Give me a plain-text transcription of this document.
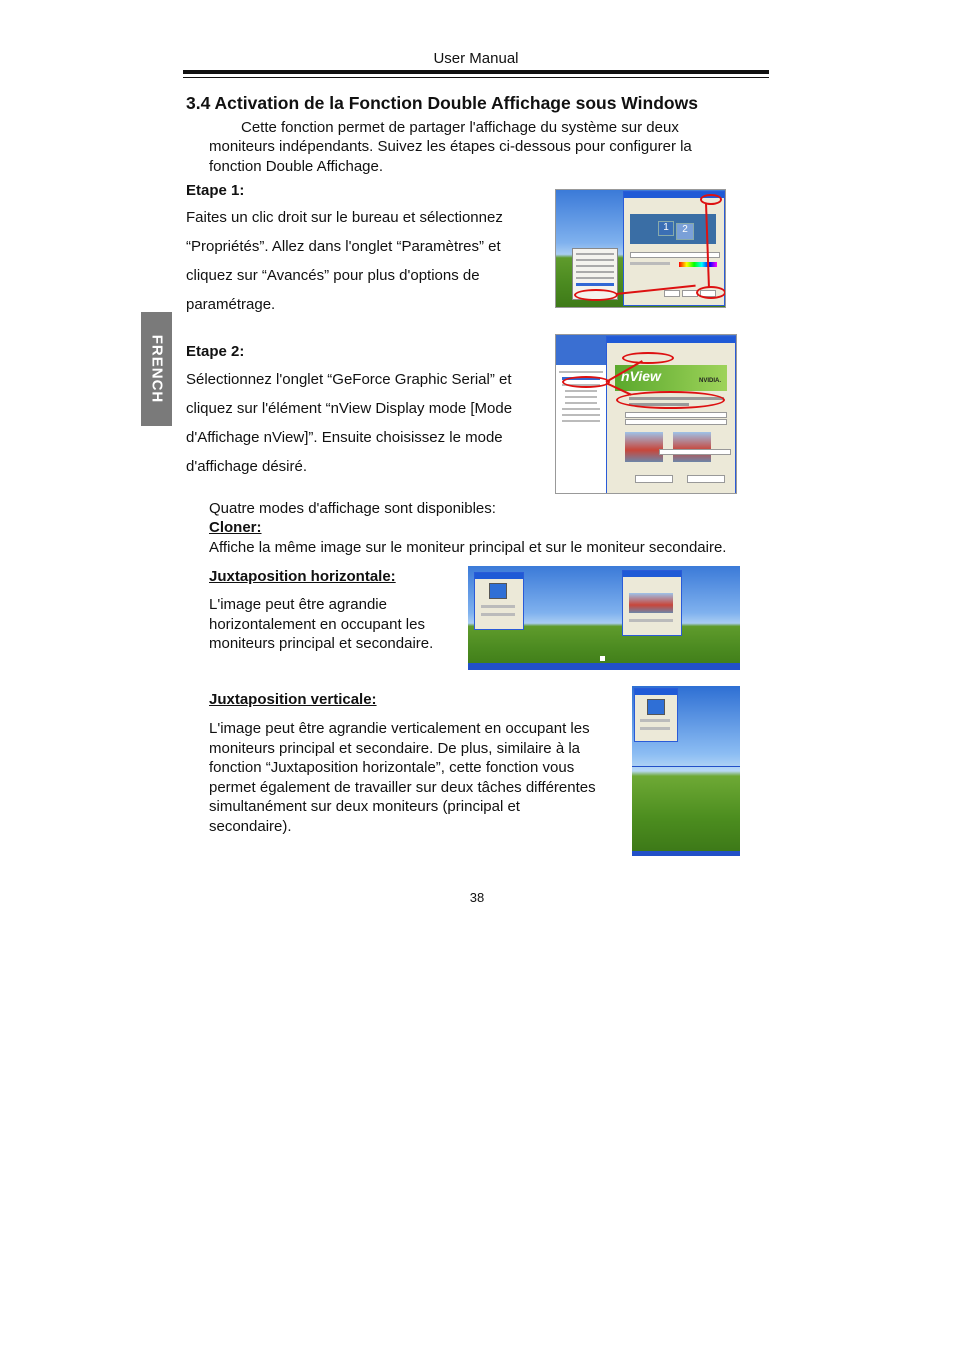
User Manual
3.4 Activation de la Fonction Double Affichage sous Windows
Cette fonction permet de partager l'affichage du système sur deux
moniteurs indépendants. Suivez les étapes ci-dessous pour configurer la
fonction Double Affichage.
FRENCH
Etape 1:
Faites un clic droit sur le bureau et sélectionnez
“Propriétés”. Allez dans l'onglet “Paramètres” et
cliquez sur “Avancés” pour plus d'options de
paramétrage.
1	2
Etape 2:
Sélectionnez l'onglet “GeForce Graphic Serial” et
cliquez sur l'élément “nView Display mode [Mode
d'Affichage nView]”. Ensuite choisissez le mode
d'affichage désiré.
nView	NVIDIA.
Quatre modes d'affichage sont disponibles:
Cloner:
Affiche la même image sur le moniteur principal et sur le moniteur secondaire.
Juxtaposition horizontale:
L'image peut être agrandie
horizontalement en occupant les
moniteurs principal et secondaire.
Juxtaposition verticale:
L'image peut être agrandie verticalement en occupant les
moniteurs principal et secondaire. De plus, similaire à la
fonction “Juxtaposition horizontale”, cette fonction vous
permet également de travailler sur deux tâches différentes
simultanément sur deux moniteurs (principal et
secondaire).
38
